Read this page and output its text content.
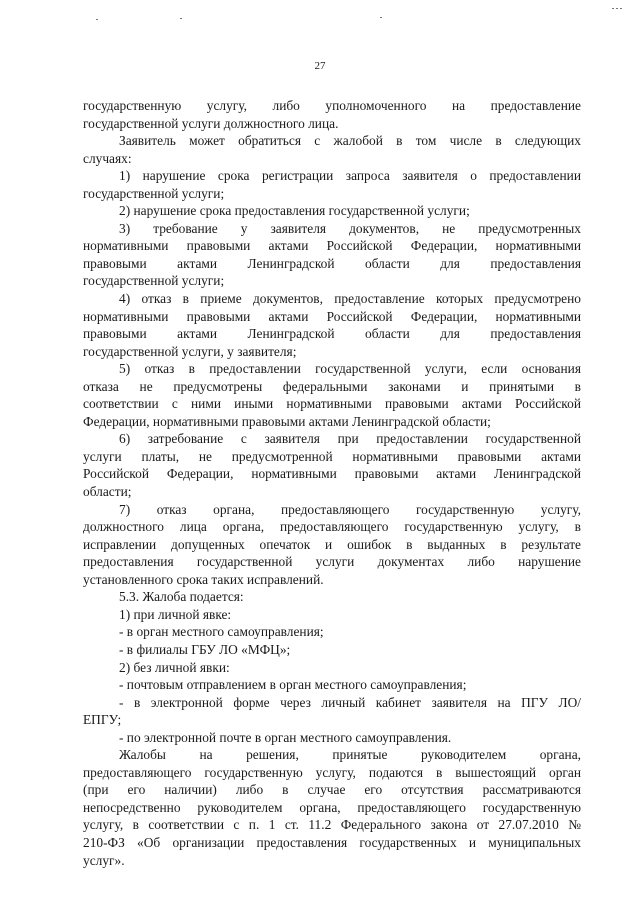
27
государственную услугу, либо уполномоченного на предоставление
государственной услуги должностного лица.
Заявитель может обратиться с жалобой в том числе в следующих
случаях:
1) нарушение срока регистрации запроса заявителя о предоставлении
государственной услуги;
2) нарушение срока предоставления государственной услуги;
3) требование у заявителя документов, не предусмотренных
нормативными правовыми актами Российской Федерации, нормативными
правовыми актами Ленинградской области для предоставления
государственной услуги;
4) отказ в приеме документов, предоставление которых предусмотрено
нормативными правовыми актами Российской Федерации, нормативными
правовыми актами Ленинградской области для предоставления
государственной услуги, у заявителя;
5) отказ в предоставлении государственной услуги, если основания
отказа не предусмотрены федеральными законами и принятыми в
соответствии с ними иными нормативными правовыми актами Российской
Федерации, нормативными правовыми актами Ленинградской области;
6) затребование с заявителя при предоставлении государственной
услуги платы, не предусмотренной нормативными правовыми актами
Российской Федерации, нормативными правовыми актами Ленинградской
области;
7) отказ органа, предоставляющего государственную услугу,
должностного лица органа, предоставляющего государственную услугу, в
исправлении допущенных опечаток и ошибок в выданных в результате
предоставления государственной услуги документах либо нарушение
установленного срока таких исправлений.
5.3. Жалоба подается:
1) при личной явке:
- в орган местного самоуправления;
- в филиалы ГБУ ЛО «МФЦ»;
2) без личной явки:
- почтовым отправлением в орган местного самоуправления;
- в электронной форме через личный кабинет заявителя на ПГУ ЛО/
ЕПГУ;
- по электронной почте в орган местного самоуправления.
Жалобы на решения, принятые руководителем органа,
предоставляющего государственную услугу, подаются в вышестоящий орган
(при его наличии) либо в случае его отсутствия рассматриваются
непосредственно руководителем органа, предоставляющего государственную
услугу, в соответствии с п. 1 ст. 11.2 Федерального закона от 27.07.2010 №
210-ФЗ «Об организации предоставления государственных и муниципальных
услуг».
